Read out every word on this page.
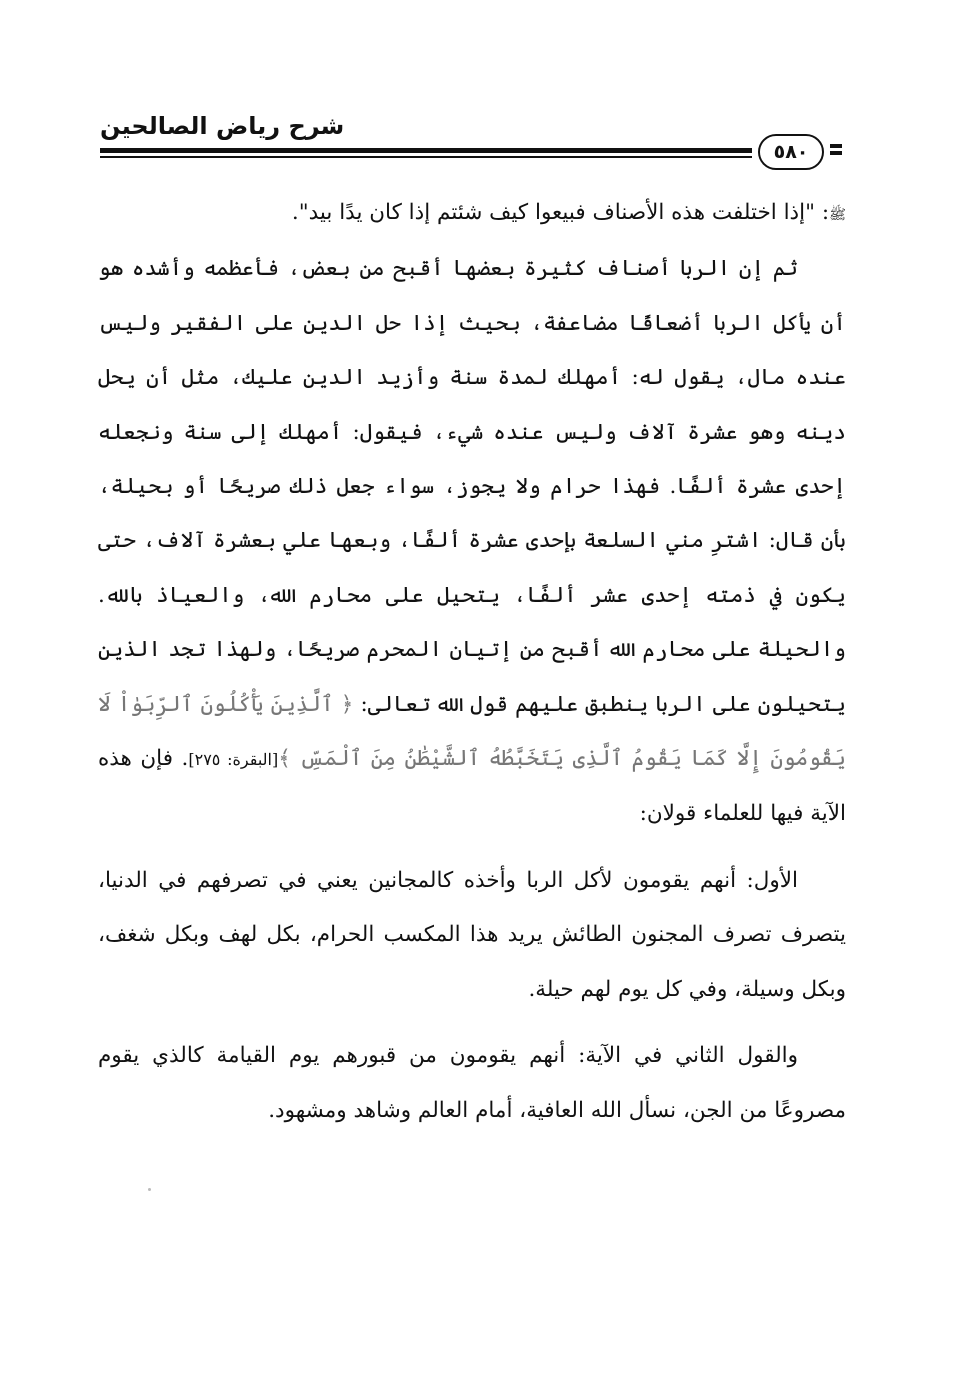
شرح رياض الصالحين
٥٨٠

ﷺ: "إذا اختلفت هذه الأصناف فبيعوا كيف شئتم إذا كان يدًا بيد".

ثم إن الربا أصناف كثيرة بعضها أقبح من بعض، فأعظمه وأشده هو أن يأكل الربا أضعافًا مضاعفة، بحيث إذا حل الدين على الفقير وليس عنده مال، يقول له: أمهلك لمدة سنة وأزيد الدين عليك، مثل أن يحل دينه وهو عشرة آلاف وليس عنده شيء، فيقول: أمهلك إلى سنة ونجعله إحدى عشرة ألفًا. فهذا حرام ولا يجوز، سواء جعل ذلك صريحًا أو بحيلة، بأن قال: اشترِ مني السلعة بإحدى عشرة ألفًا، وبعها علي بعشرة آلاف، حتى يكون في ذمته إحدى عشر ألفًا، يتحيل على محارم الله، والعياذ بالله. والحيلة على محارم الله أقبح من إتيان المحرم صريحًا، ولهذا تجد الذين يتحيلون على الربا ينطبق عليهم قول الله تعالى: ﴿ ٱلَّذِينَ يَأْكُلُونَ ٱلرِّبَوٰاْ لَا يَقُومُونَ إِلَّا كَمَا يَقُومُ ٱلَّذِى يَتَخَبَّطُهُ ٱلشَّيْطَٰنُ مِنَ ٱلْمَسِّ ﴾[البقرة: ٢٧٥]. فإن هذه الآية فيها للعلماء قولان:

الأول: أنهم يقومون لأكل الربا وأخذه كالمجانين يعني في تصرفهم في الدنيا، يتصرف تصرف المجنون الطائش يريد هذا المكسب الحرام، بكل لهف وبكل شغف، وبكل وسيلة، وفي كل يوم لهم حيلة.

والقول الثاني في الآية: أنهم يقومون من قبورهم يوم القيامة كالذي يقوم مصروعًا من الجن، نسأل الله العافية، أمام العالم وشاهد ومشهود.
